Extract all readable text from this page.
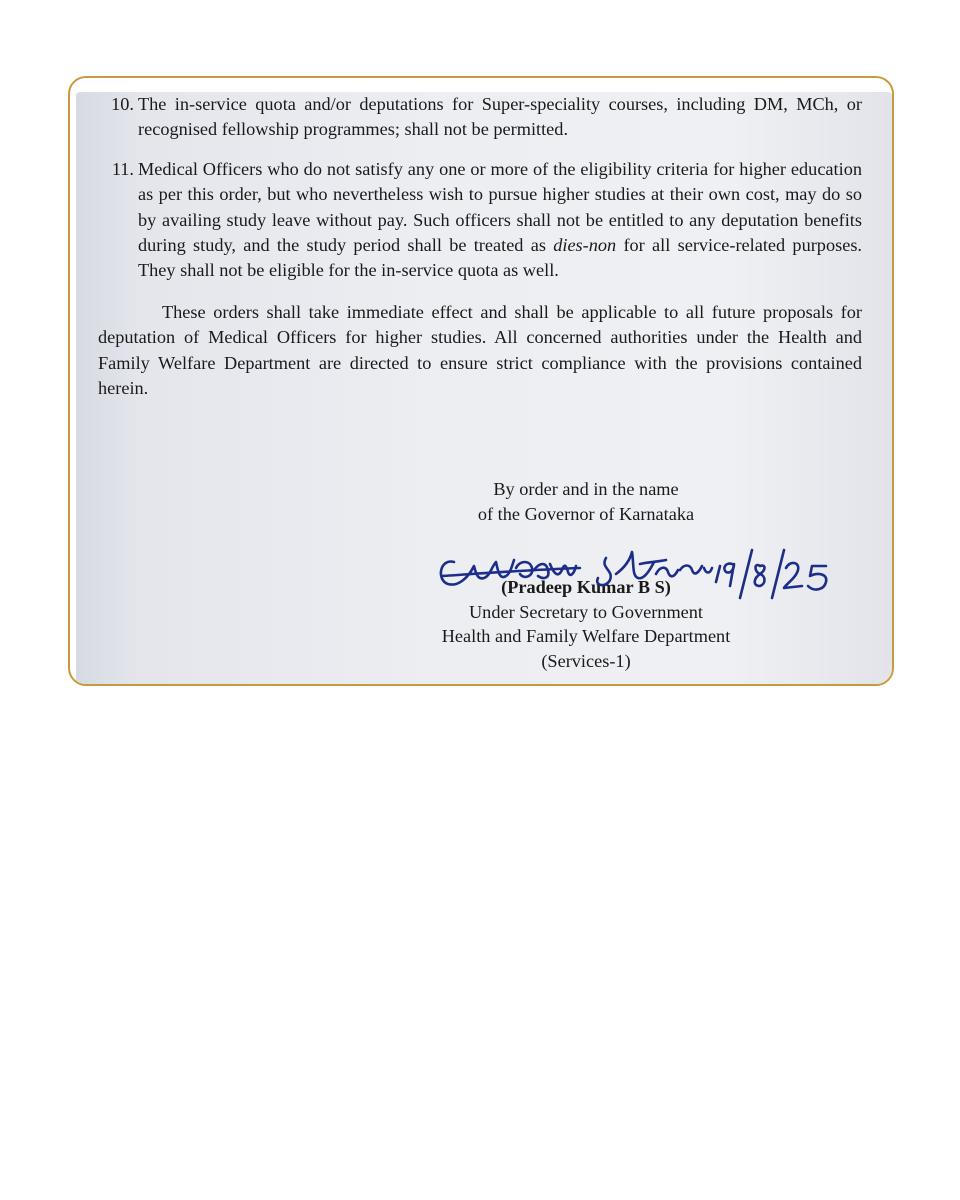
10. The in-service quota and/or deputations for Super-speciality courses, including DM, MCh, or recognised fellowship programmes; shall not be permitted.

11. Medical Officers who do not satisfy any one or more of the eligibility criteria for higher education as per this order, but who nevertheless wish to pursue higher studies at their own cost, may do so by availing study leave without pay. Such officers shall not be entitled to any deputation benefits during study, and the study period shall be treated as dies-non for all service-related purposes. They shall not be eligible for the in-service quota as well.

These orders shall take immediate effect and shall be applicable to all future proposals for deputation of Medical Officers for higher studies. All concerned authorities under the Health and Family Welfare Department are directed to ensure strict compliance with the provisions contained herein.

By order and in the name
of the Governor of Karnataka
(Pradeep Kumar B S)
Under Secretary to Government
Health and Family Welfare Department
(Services-1)
19/8/25
